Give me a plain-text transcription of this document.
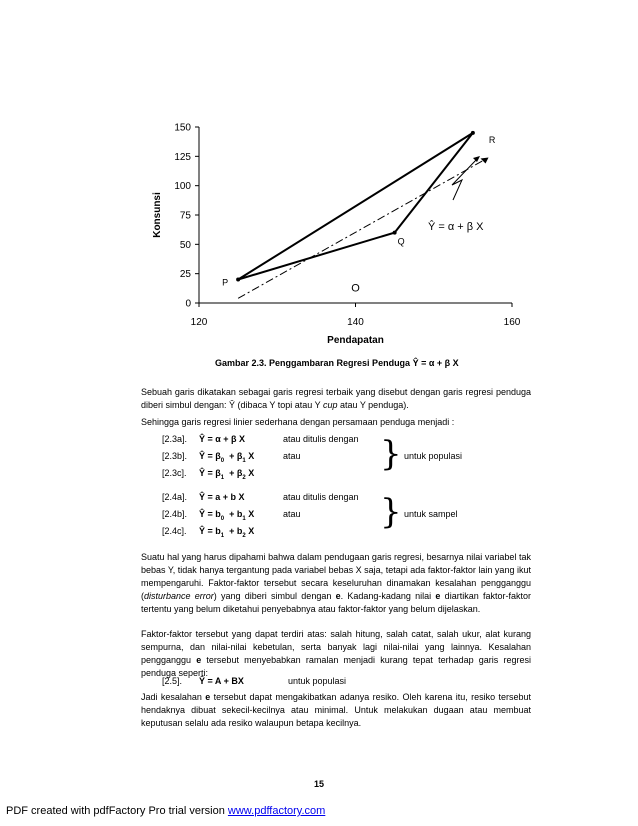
0
25
50
75
100
125
150
120	140	160
Pendapatan
Konsunsi
P
Q
R
O
Ŷ = α + β X
Gambar 2.3. Penggambaran Regresi Penduga Ŷ = α + β X
Sebuah garis dikatakan sebagai garis regresi terbaik yang disebut dengan garis regresi penduga diberi simbul dengan: Ŷ (dibaca Y topi atau Y cup atau Y penduga).
Sehingga garis regresi linier sederhana dengan persamaan penduga menjadi :
[2.3a]. Ŷ = α + β X	atau ditulis dengan
[2.3b]. Ŷ = $\beta_0 + \beta_1$ X	atau	untuk populasi
[2.3c]. Ŷ = $\beta_1 + \beta_2$ X	}
[2.4a]. Ŷ = a + b X	atau ditulis dengan
[2.4b]. Ŷ = $b_0 + b_1$ X	atau	untuk sampel
[2.4c]. Ŷ = $b_1 + b_2$ X	}
Suatu hal yang harus dipahami bahwa dalam pendugaan garis regresi, besarnya nilai variabel tak bebas Y, tidak hanya tergantung pada variabel bebas X saja, tetapi ada faktor-faktor lain yang ikut mempengaruhi. Faktor-faktor tersebut secara keseluruhan dinamakan kesalahan pengganggu (disturbance error) yang diberi simbul dengan e. Kadang-kadang nilai e diartikan faktor-faktor tertentu yang belum diketahui penyebabnya atau faktor-faktor yang belum dijelaskan.
Faktor-faktor tersebut yang dapat terdiri atas: salah hitung, salah catat, salah ukur, alat kurang sempurna, dan nilai-nilai kebetulan, serta banyak lagi nilai-nilai yang lainnya. Kesalahan pengganggu e tersebut menyebabkan ramalan menjadi kurang tepat terhadap garis regresi penduga seperti:
[2.5]. Ŷ = A + BX	untuk populasi
Jadi kesalahan e tersebut dapat mengakibatkan adanya resiko. Oleh karena itu, resiko tersebut hendaknya dibuat sekecil-kecilnya atau minimal. Untuk melakukan dugaan atau membuat keputusan selalu ada resiko walaupun betapa kecilnya.
15
PDF created with pdfFactory Pro trial version www.pdffactory.com
